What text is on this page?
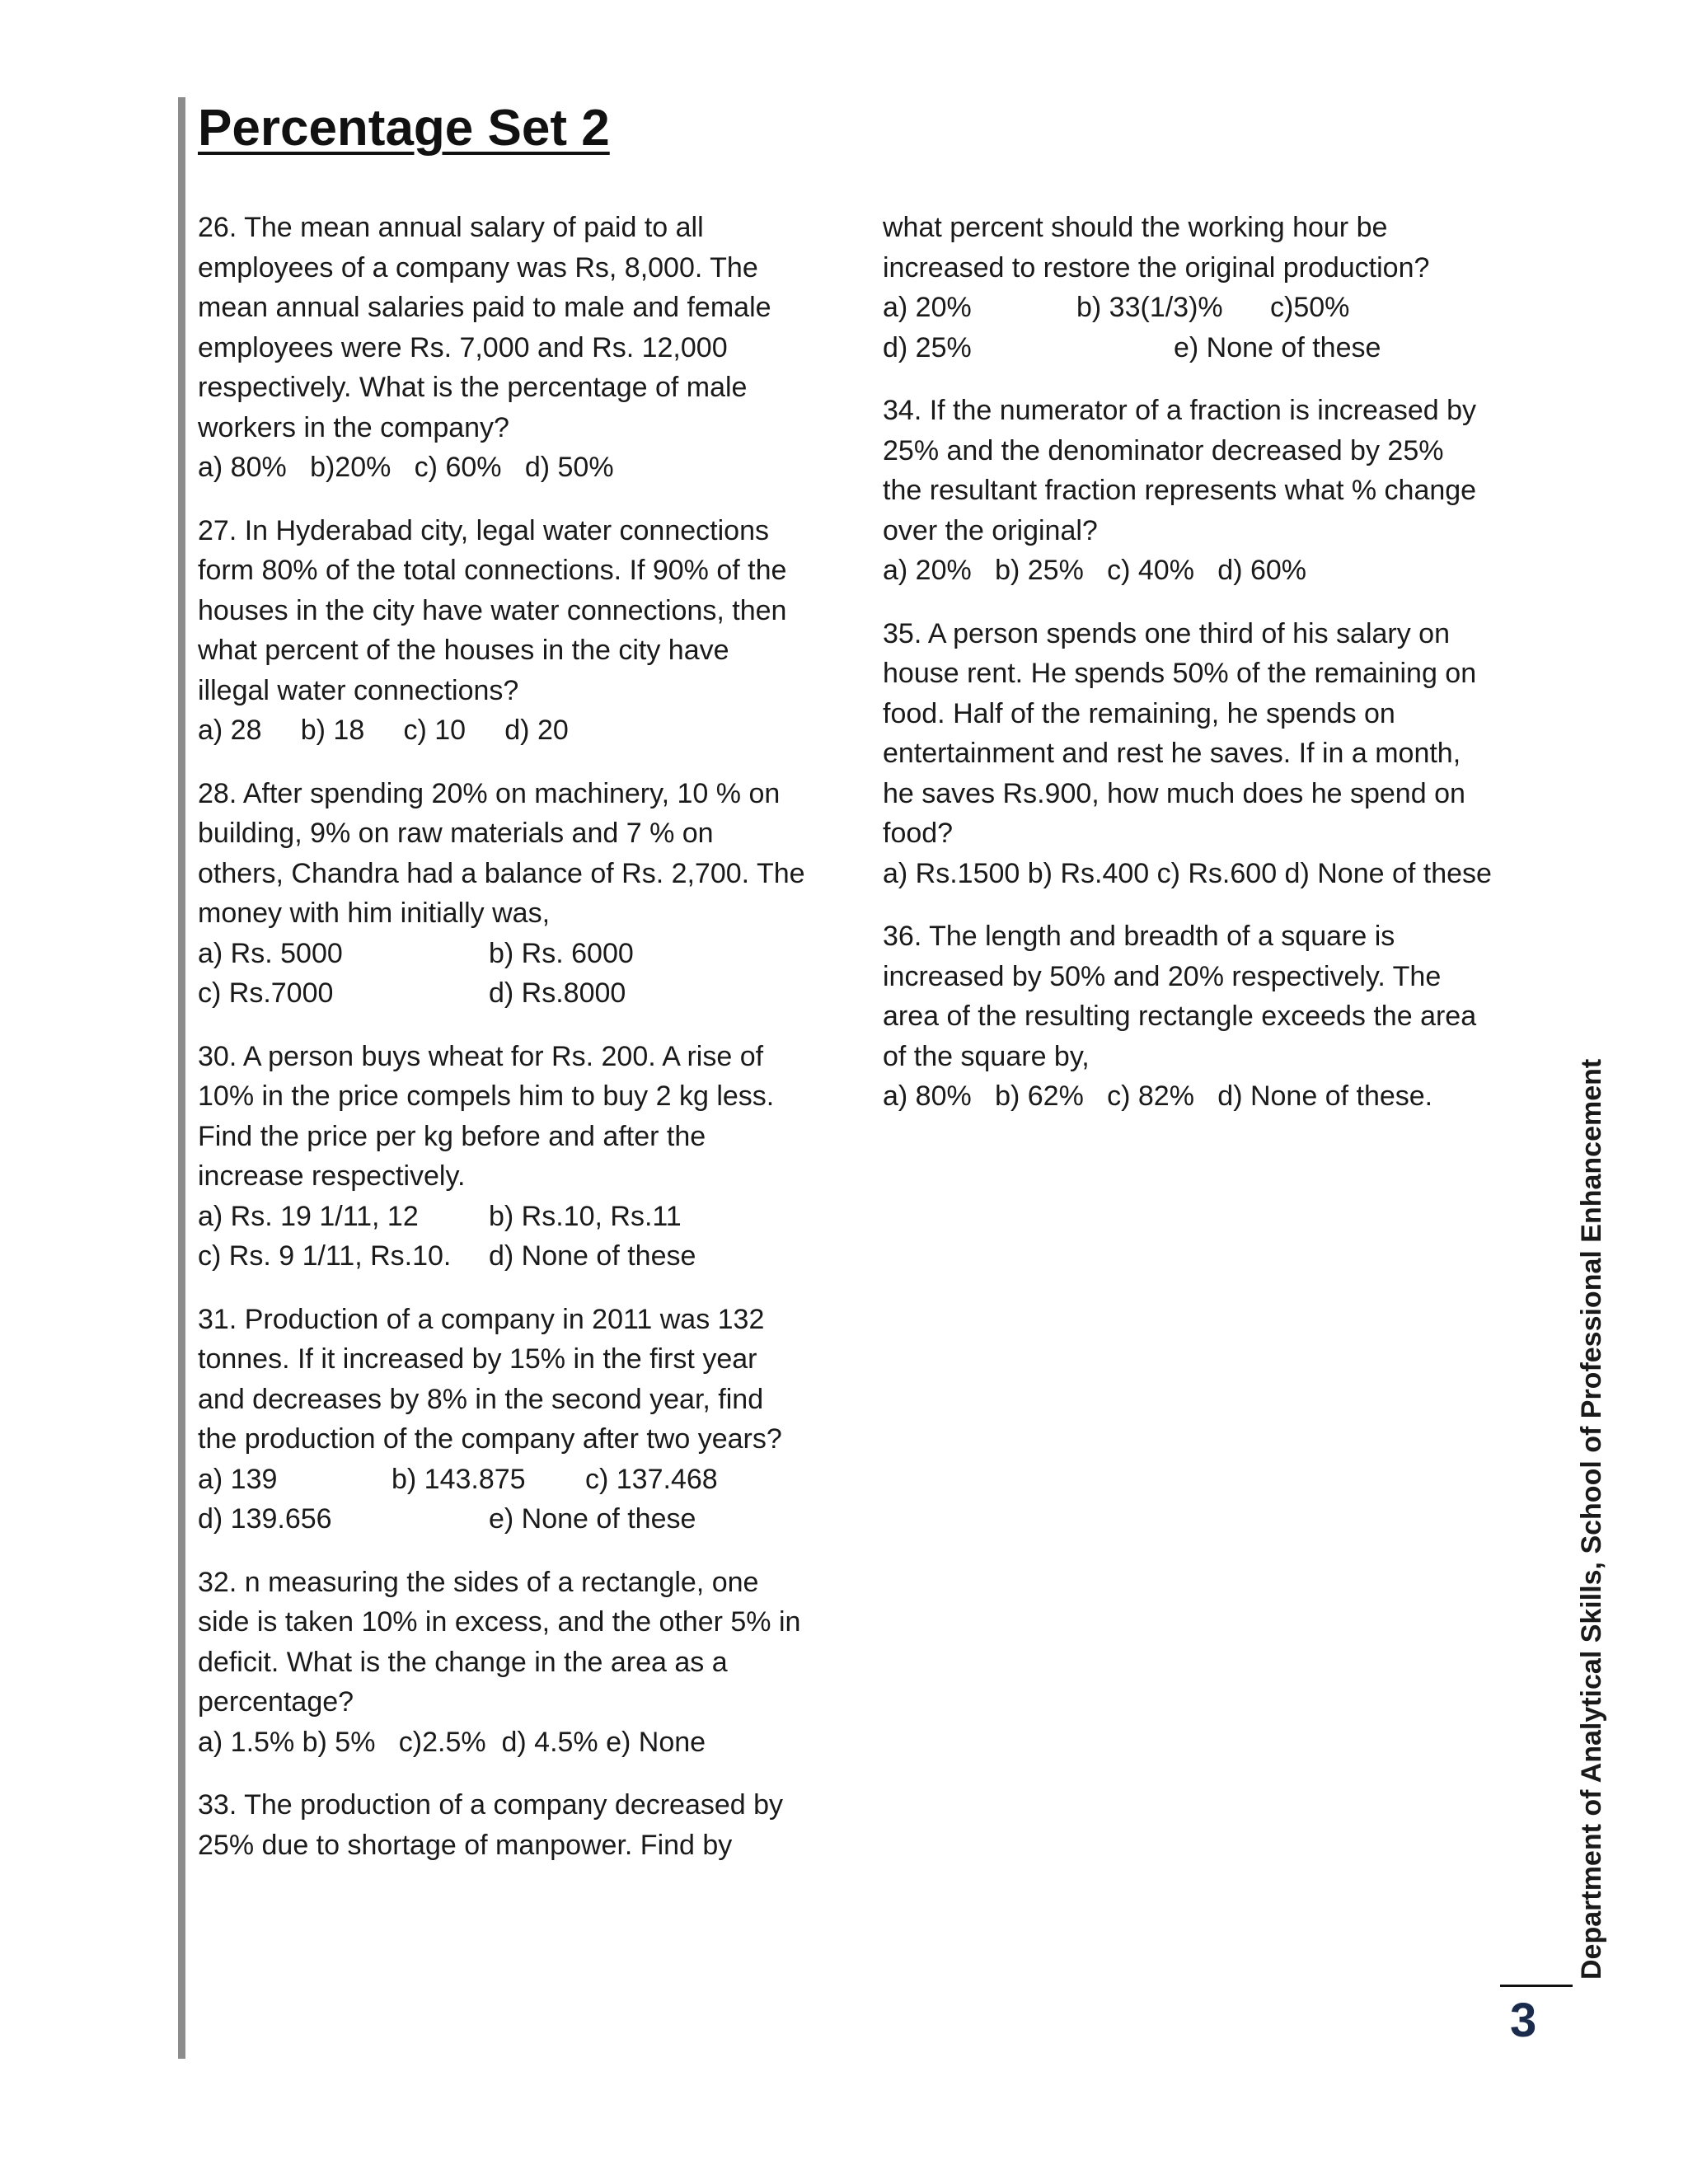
Percentage Set 2

26. The mean annual salary of paid to all

employees of a company was Rs, 8,000. The

mean annual salaries paid to male and female

employees were Rs. 7,000 and Rs. 12,000

respectively. What is the percentage of male

workers in the company?

a) 80%   b)20%   c) 60%   d) 50%

27. In Hyderabad city, legal water connections

form 80% of the total connections. If 90% of the

houses in the city have water connections, then

what percent of the houses in the city have

illegal water connections?

a) 28     b) 18     c) 10     d) 20

28. After spending 20% on machinery, 10 % on

building, 9% on raw materials and 7 % on

others, Chandra had a balance of Rs. 2,700. The

money with him initially was,

a) Rs. 5000	b) Rs. 6000
c) Rs.7000	d) Rs.8000

30. A person buys wheat for Rs. 200. A rise of

10% in the price compels him to buy 2 kg less.

Find the price per kg before and after the

increase respectively.

a) Rs. 19 1/11, 12	b) Rs.10, Rs.11
c) Rs. 9 1/11, Rs.10.	d) None of these

31. Production of a company in 2011 was 132

tonnes. If it increased by 15% in the first year

and decreases by 8% in the second year, find

the production of the company after two years?

a) 139	b) 143.875	c) 137.468
d) 139.656	e) None of these

32. n measuring the sides of a rectangle, one

side is taken 10% in excess, and the other 5% in

deficit. What is the change in the area as a

percentage?

a) 1.5% b) 5%   c)2.5%  d) 4.5% e) None

33. The production of a company decreased by

25% due to shortage of manpower. Find by

what percent should the working hour be

increased to restore the original production?

a) 20%	b) 33(1/3)%	c)50%
d) 25%	e) None of these

34. If the numerator of a fraction is increased by

25% and the denominator decreased by 25%

the resultant fraction represents what % change

over the original?

a) 20%   b) 25%   c) 40%   d) 60%

35. A person spends one third of his salary on

house rent. He spends 50% of the remaining on

food. Half of the remaining, he spends on

entertainment and rest he saves. If in a month,

he saves Rs.900, how much does he spend on

food?

a) Rs.1500 b) Rs.400 c) Rs.600 d) None of these

36. The length and breadth of a square is

increased by 50% and 20% respectively. The

area of the resulting rectangle exceeds the area

of the square by,

a) 80%   b) 62%   c) 82%   d) None of these.	Department of Analytical Skills, School of Professional Enhancement
3
